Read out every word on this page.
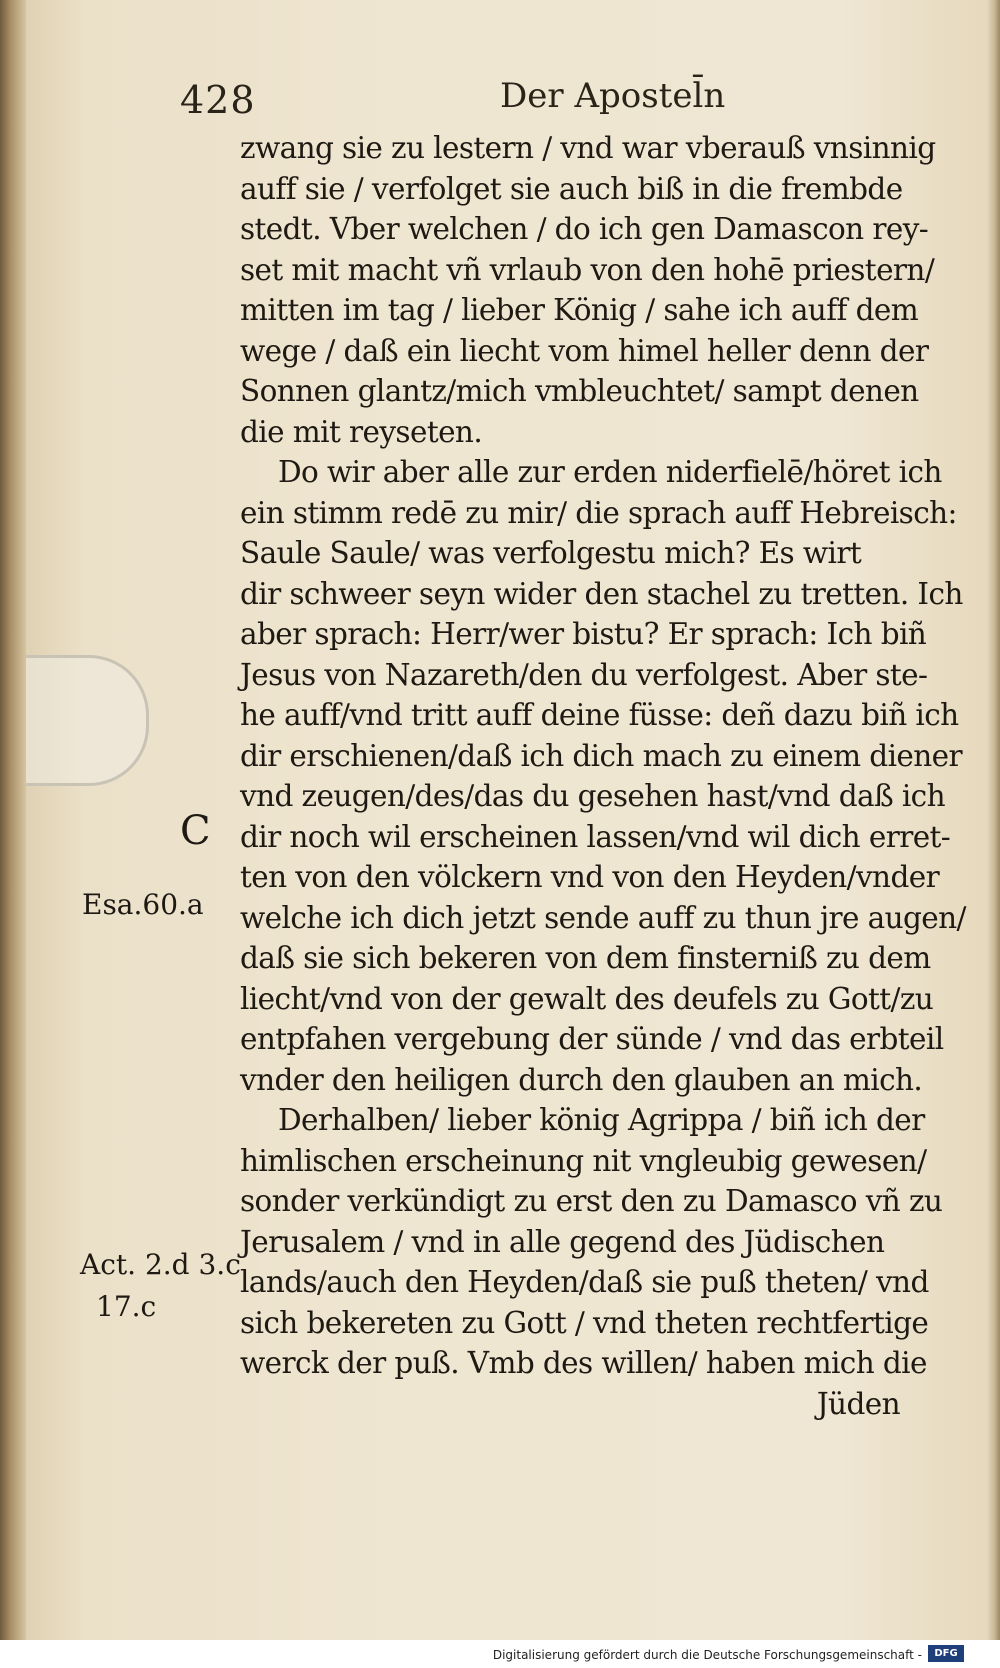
428	Der Apostel̄n
zwang sie zu lestern / vnd war vberauß vnsinnig
auff sie / verfolget sie auch biß in die frembde
stedt. Vber welchen / do ich gen Damascon rey-
set mit macht vñ vrlaub von den hohē priestern/
mitten im tag / lieber König / sahe ich auff dem
wege / daß ein liecht vom himel heller denn der
Sonnen glantz/mich vmbleuchtet/ sampt denen
die mit reyseten.
Do wir aber alle zur erden niderfielē/höret ich
ein stimm redē zu mir/ die sprach auff Hebreisch:
Saule Saule/ was verfolgestu mich? Es wirt
dir schweer seyn wider den stachel zu tretten. Ich
aber sprach: Herr/wer bistu? Er sprach: Ich biñ
Jesus von Nazareth/den du verfolgest. Aber ste-
he auff/vnd tritt auff deine füsse: deñ dazu biñ ich
dir erschienen/daß ich dich mach zu einem diener
vnd zeugen/des/das du gesehen hast/vnd daß ich
dir noch wil erscheinen lassen/vnd wil dich erret-
ten von den völckern vnd von den Heyden/vnder
welche ich dich jetzt sende auff zu thun jre augen/
daß sie sich bekeren von dem finsterniß zu dem
liecht/vnd von der gewalt des deufels zu Gott/zu
entpfahen vergebung der sünde / vnd das erbteil
vnder den heiligen durch den glauben an mich.
Derhalben/ lieber könig Agrippa / biñ ich der
himlischen erscheinung nit vngleubig gewesen/
sonder verkündigt zu erst den zu Damasco vñ zu
Jerusalem / vnd in alle gegend des Jüdischen
lands/auch den Heyden/daß sie puß theten/ vnd
sich bekereten zu Gott / vnd theten rechtfertige
werck der puß. Vmb des willen/ haben mich die
Jüden
C
Esa.60.a
Act. 2.d 3.c
17.c
Digitalisierung gefördert durch die Deutsche Forschungsgemeinschaft -	DFG
